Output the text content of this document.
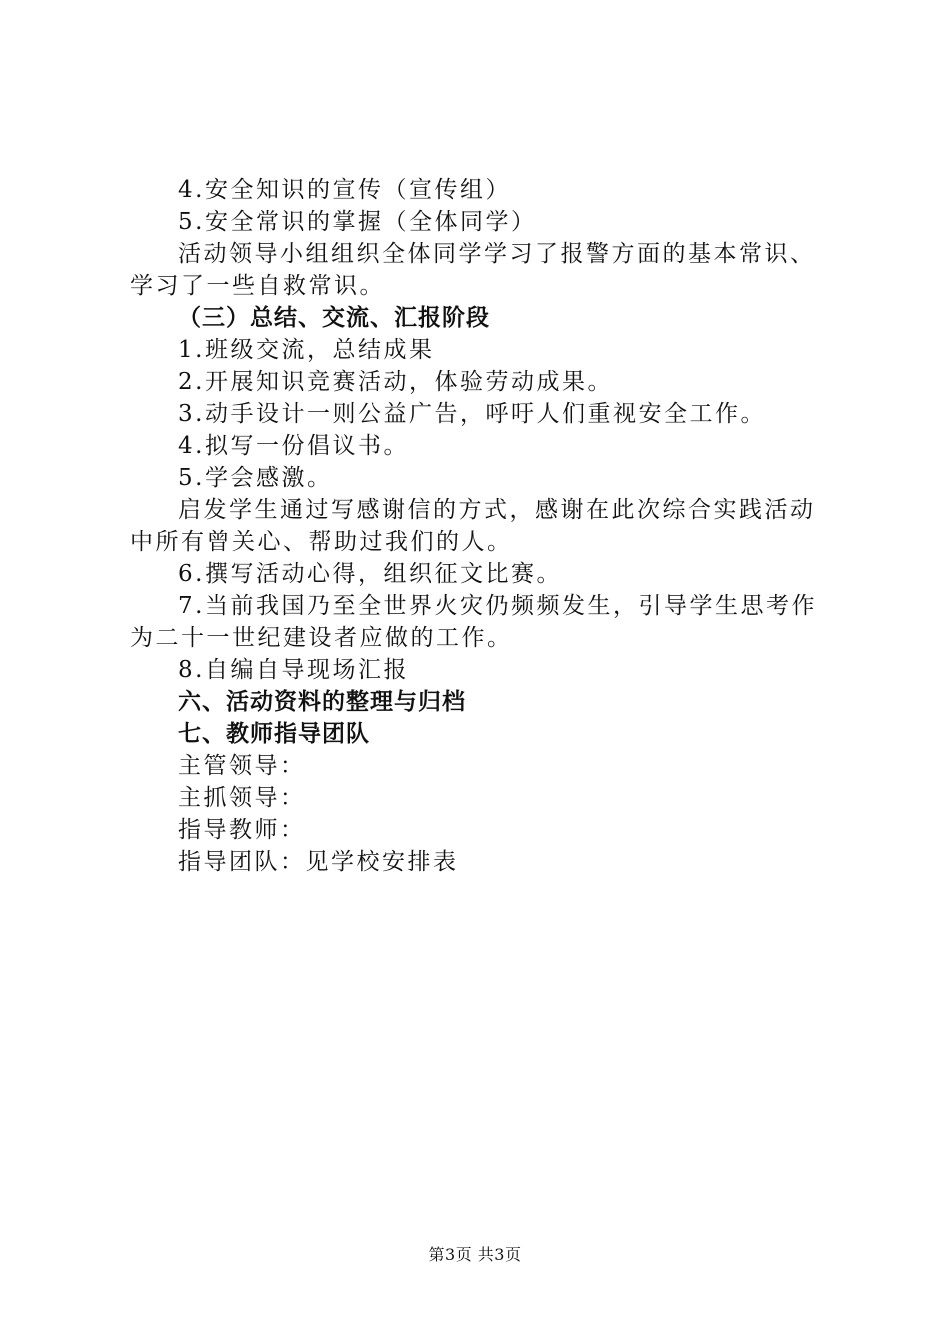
4.安全知识的宣传（宣传组）
5.安全常识的掌握（全体同学）
活动领导小组组织全体同学学习了报警方面的基本常识、
学习了一些自救常识。
（三）总结、交流、汇报阶段
1.班级交流，总结成果
2.开展知识竞赛活动，体验劳动成果。
3.动手设计一则公益广告，呼吁人们重视安全工作。
4.拟写一份倡议书。
5.学会感激。
启发学生通过写感谢信的方式，感谢在此次综合实践活动
中所有曾关心、帮助过我们的人。
6.撰写活动心得，组织征文比赛。
7.当前我国乃至全世界火灾仍频频发生，引导学生思考作
为二十一世纪建设者应做的工作。
8.自编自导现场汇报
六、活动资料的整理与归档
七、教师指导团队
主管领导：
主抓领导：
指导教师：
指导团队：见学校安排表
第3页 共3页
